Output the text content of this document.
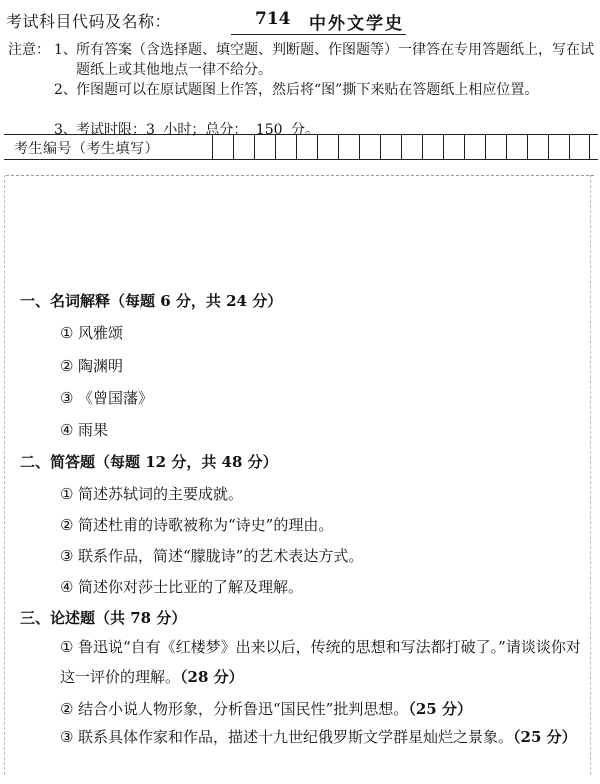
考试科目代码及名称：	714 中外文学史
注意： 1、 所有答案（含选择题、填空题、判断题、作图题等）一律答在专用答题纸上，写在试题纸上或其他地点一律不给分。
2、 作图题可以在原试题图上作答，然后将“图”撕下来贴在答题纸上相应位置。
3、 考试时限：3 小时；总分： 150 分。
考生编号（考生填写）
一、名词解释（每题 6 分，共 24 分）
① 风雅颂
② 陶渊明
③ 《曾国藩》
④ 雨果
二、简答题（每题 12 分，共 48 分）
① 简述苏轼词的主要成就。
② 简述杜甫的诗歌被称为“诗史”的理由。
③ 联系作品，简述“朦胧诗”的艺术表达方式。
④ 简述你对莎士比亚的了解及理解。
三、论述题（共 78 分）
① 鲁迅说“自有《红楼梦》出来以后，传统的思想和写法都打破了。”请谈谈你对这一评价的理解。（28 分）
② 结合小说人物形象，分析鲁迅“国民性”批判思想。（25 分）
③ 联系具体作家和作品，描述十九世纪俄罗斯文学群星灿烂之景象。（25 分）
